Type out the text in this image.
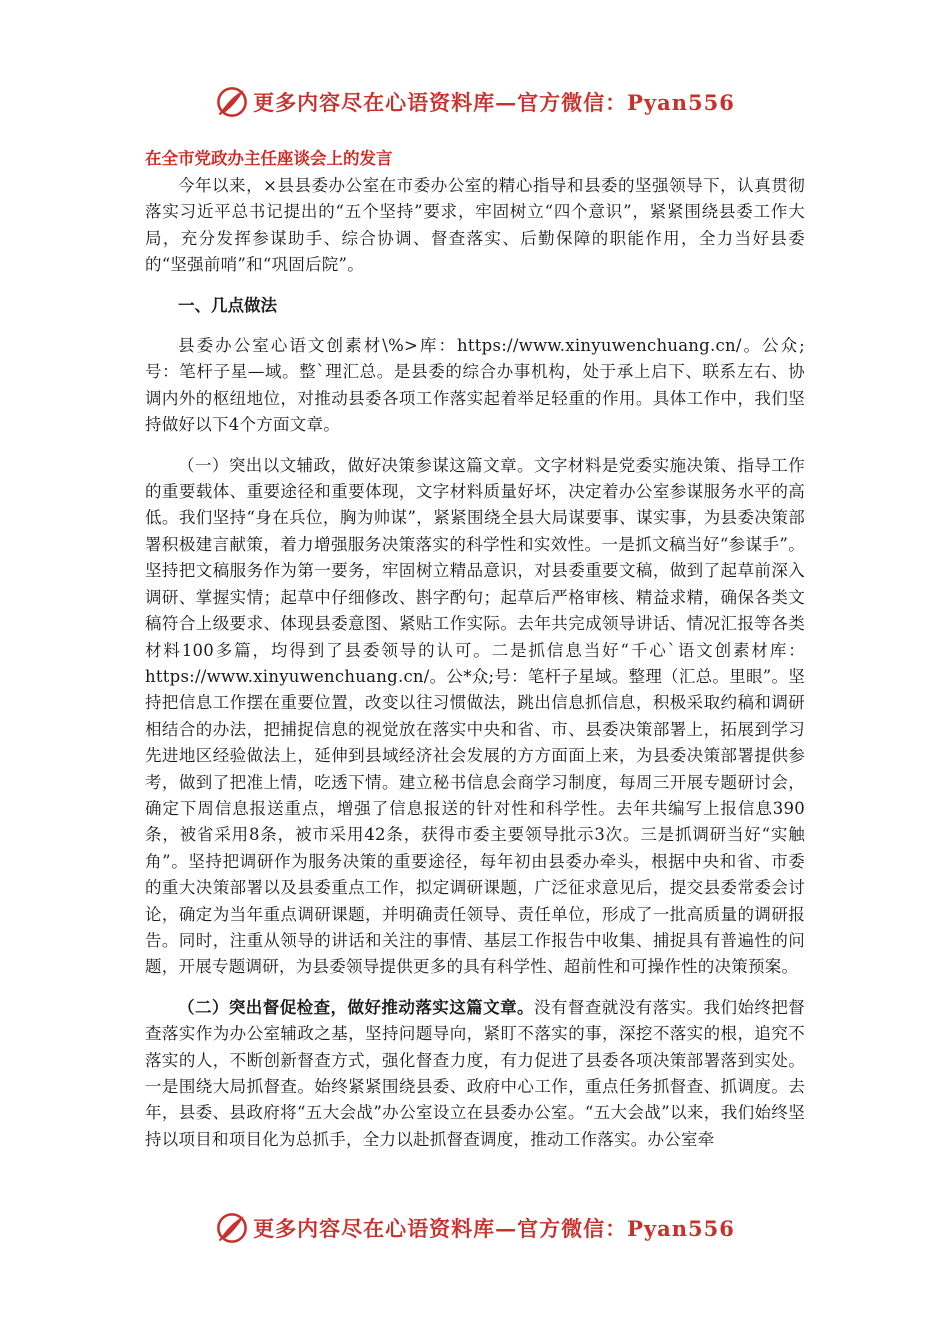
更多内容尽在心语资料库—官方微信：Pyan556
在全市党政办主任座谈会上的发言

今年以来，×县县委办公室在市委办公室的精心指导和县委的坚强领导下，认真贯彻落实习近平总书记提出的“五个坚持”要求，牢固树立“四个意识”，紧紧围绕县委工作大局，充分发挥参谋助手、综合协调、督查落实、后勤保障的职能作用，全力当好县委的“坚强前哨”和“巩固后院”。

一、几点做法

县委办公室心语文创素材\%>库：https://www.xinyuwenchuang.cn/。公众;号：笔杆子星—域。整`理汇总。是县委的综合办事机构，处于承上启下、联系左右、协调内外的枢纽地位，对推动县委各项工作落实起着举足轻重的作用。具体工作中，我们坚持做好以下4个方面文章。

（一）突出以文辅政，做好决策参谋这篇文章。文字材料是党委实施决策、指导工作的重要载体、重要途径和重要体现，文字材料质量好坏，决定着办公室参谋服务水平的高低。我们坚持“身在兵位，胸为帅谋”，紧紧围绕全县大局谋要事、谋实事，为县委决策部署积极建言献策，着力增强服务决策落实的科学性和实效性。一是抓文稿当好“参谋手”。坚持把文稿服务作为第一要务，牢固树立精品意识，对县委重要文稿，做到了起草前深入调研、掌握实情；起草中仔细修改、斟字酌句；起草后严格审核、精益求精，确保各类文稿符合上级要求、体现县委意图、紧贴工作实际。去年共完成领导讲话、情况汇报等各类材料100多篇，均得到了县委领导的认可。二是抓信息当好“千心`语文创素材库：https://www.xinyuwenchuang.cn/。公*众;号：笔杆子星域。整理（汇总。里眼”。坚持把信息工作摆在重要位置，改变以往习惯做法，跳出信息抓信息，积极采取约稿和调研相结合的办法，把捕捉信息的视觉放在落实中央和省、市、县委决策部署上，拓展到学习先进地区经验做法上，延伸到县域经济社会发展的方方面面上来，为县委决策部署提供参考，做到了把准上情，吃透下情。建立秘书信息会商学习制度，每周三开展专题研讨会，确定下周信息报送重点，增强了信息报送的针对性和科学性。去年共编写上报信息390条，被省采用8条，被市采用42条，获得市委主要领导批示3次。三是抓调研当好“实触角”。坚持把调研作为服务决策的重要途径，每年初由县委办牵头，根据中央和省、市委的重大决策部署以及县委重点工作，拟定调研课题，广泛征求意见后，提交县委常委会讨论，确定为当年重点调研课题，并明确责任领导、责任单位，形成了一批高质量的调研报告。同时，注重从领导的讲话和关注的事情、基层工作报告中收集、捕捉具有普遍性的问题，开展专题调研，为县委领导提供更多的具有科学性、超前性和可操作性的决策预案。

（二）突出督促检查，做好推动落实这篇文章。没有督查就没有落实。我们始终把督查落实作为办公室辅政之基，坚持问题导向，紧盯不落实的事，深挖不落实的根，追究不落实的人，不断创新督查方式，强化督查力度，有力促进了县委各项决策部署落到实处。一是围绕大局抓督查。始终紧紧围绕县委、政府中心工作，重点任务抓督查、抓调度。去年，县委、县政府将“五大会战”办公室设立在县委办公室。“五大会战”以来，我们始终坚持以项目和项目化为总抓手，全力以赴抓督查调度，推动工作落实。办公室牵

更多内容尽在心语资料库—官方微信：Pyan556
